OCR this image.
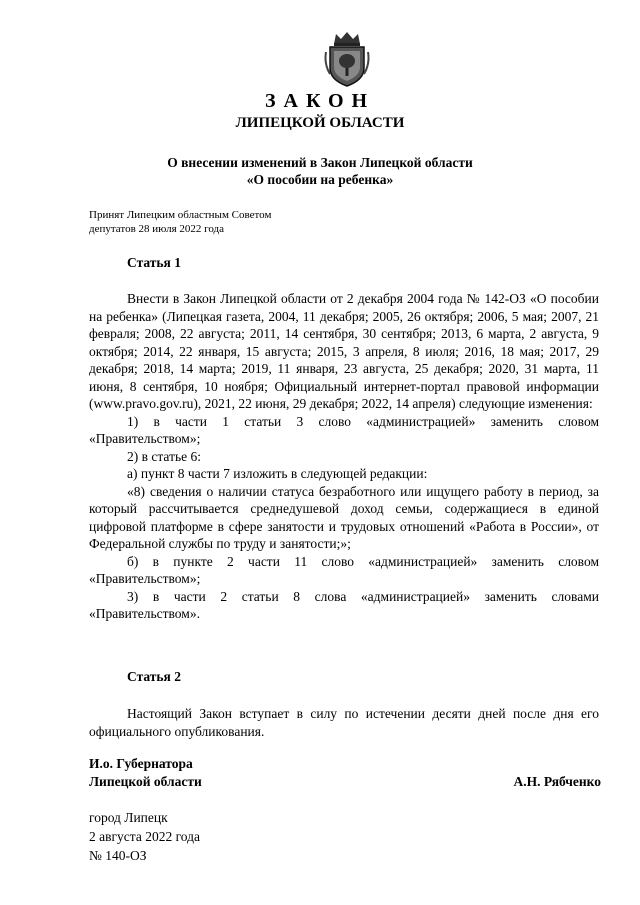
ЗАКОН
ЛИПЕЦКОЙ ОБЛАСТИ
О внесении изменений в Закон Липецкой области
«О пособии на ребенка»
Принят Липецким областным Советом
депутатов 28 июля 2022 года
Статья 1

Внести в Закон Липецкой области от 2 декабря 2004 года № 142-ОЗ «О пособии на ребенка» (Липецкая газета, 2004, 11 декабря; 2005, 26 октября; 2006, 5 мая; 2007, 21 февраля; 2008, 22 августа; 2011, 14 сентября, 30 сентября; 2013, 6 марта, 2 августа, 9 октября; 2014, 22 января, 15 августа; 2015, 3 апреля, 8 июля; 2016, 18 мая; 2017, 29 декабря; 2018, 14 марта; 2019, 11 января, 23 августа, 25 декабря; 2020, 31 марта, 11 июня, 8 сентября, 10 ноября; Официальный интернет-портал правовой информации (www.pravo.gov.ru), 2021, 22 июня, 29 декабря; 2022, 14 апреля) следующие изменения:

1) в части 1 статьи 3 слово «администрацией» заменить словом «Правительством»;

2) в статье 6:

а) пункт 8 части 7 изложить в следующей редакции:

«8) сведения о наличии статуса безработного или ищущего работу в период, за который рассчитывается среднедушевой доход семьи, содержащиеся в единой цифровой платформе в сфере занятости и трудовых отношений «Работа в России», от Федеральной службы по труду и занятости;»;

б) в пункте 2 части 11 слово «администрацией» заменить словом «Правительством»;

3) в части 2 статьи 8 слова «администрацией» заменить словами «Правительством».

Статья 2

Настоящий Закон вступает в силу по истечении десяти дней после дня его официального опубликования.

И.о. Губернатора
Липецкой области	А.Н. Рябченко
город Липецк
2 августа 2022 года
№ 140-ОЗ
